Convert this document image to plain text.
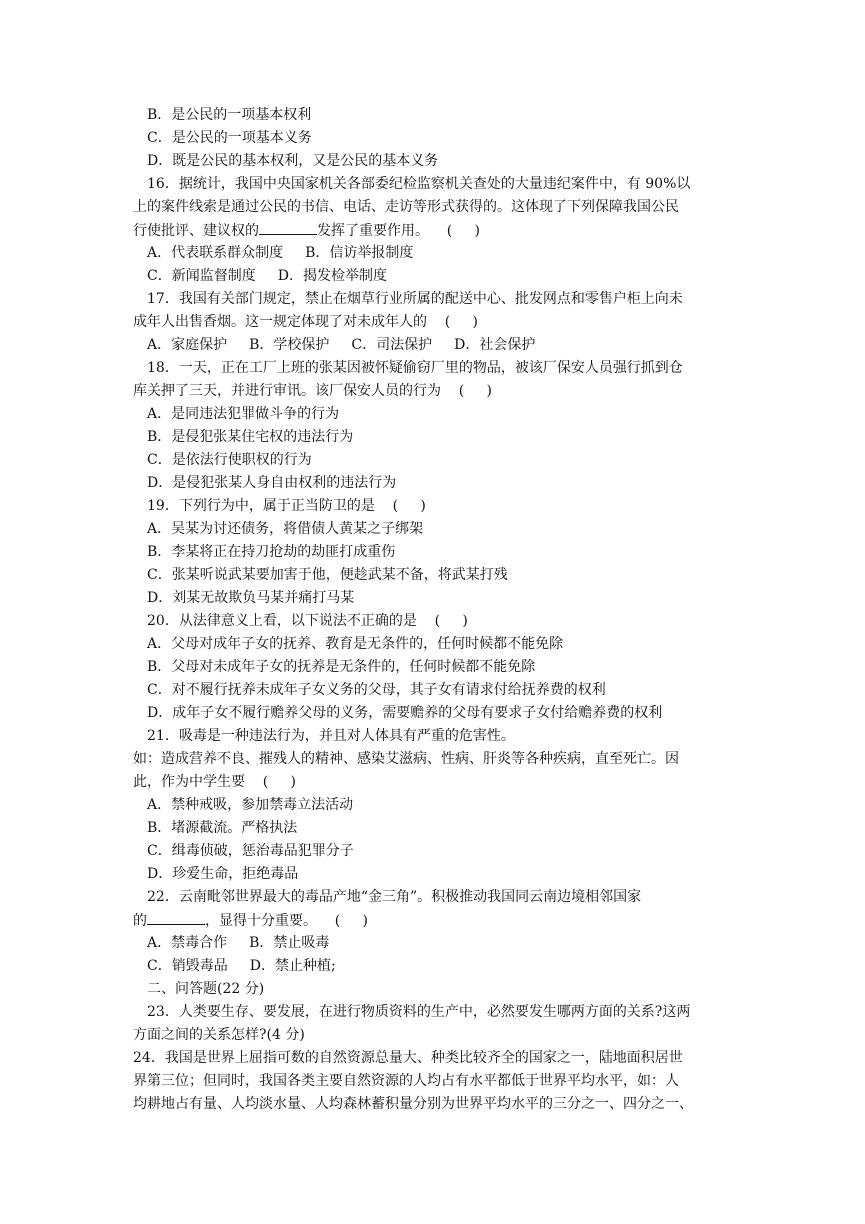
B．是公民的一项基本权利
C．是公民的一项基本义务
D．既是公民的基本权利，又是公民的基本义务
16．据统计，我国中央国家机关各部委纪检监察机关查处的大量违纪案件中，有 90%以
上的案件线索是通过公民的书信、电话、走访等形式获得的。这体现了下列保障我国公民
行使批评、建议权的	发挥了重要作用。    (     )
A．代表联系群众制度 B．信访举报制度
C．新闻监督制度 D．揭发检举制度
17．我国有关部门规定，禁止在烟草行业所属的配送中心、批发网点和零售户柜上向未
成年人出售香烟。这一规定体现了对未成年人的    (     )
A．家庭保护 B．学校保护 C．司法保护 D．社会保护
18．一天，正在工厂上班的张某因被怀疑偷窃厂里的物品，被该厂保安人员强行抓到仓
库关押了三天，并进行审讯。该厂保安人员的行为    (     )
A．是同违法犯罪做斗争的行为
B．是侵犯张某住宅权的违法行为
C．是依法行使职权的行为
D．是侵犯张某人身自由权利的违法行为
19．下列行为中，属于正当防卫的是    (     )
A．吴某为讨还债务，将借债人黄某之子绑架
B．李某将正在持刀抢劫的劫匪打成重伤
C．张某听说武某要加害于他，便趁武某不备，将武某打残
D．刘某无故欺负马某并痛打马某
20．从法律意义上看，以下说法不正确的是    (     )
A．父母对成年子女的抚养、教育是无条件的，任何时候都不能免除
B．父母对未成年子女的抚养是无条件的，任何时候都不能免除
C．对不履行抚养未成年子女义务的父母，其子女有请求付给抚养费的权利
D．成年子女不履行赡养父母的义务，需要赡养的父母有要求子女付给赡养费的权利
21．吸毒是一种违法行为，并且对人体具有严重的危害性。
如：造成营养不良、摧残人的精神、感染艾滋病、性病、肝炎等各种疾病，直至死亡。因
此，作为中学生要    (     )
A．禁种戒吸，参加禁毒立法活动
B．堵源截流。严格执法
C．缉毒侦破，惩治毒品犯罪分子
D．珍爱生命，拒绝毒品
22．云南毗邻世界最大的毒品产地“金三角”。积极推动我国同云南边境相邻国家
的	，显得十分重要。    (     )
A．禁毒合作 B．禁止吸毒
C．销毁毒品 D．禁止种植;
二、问答题(22 分)
23．人类要生存、要发展，在进行物质资料的生产中，必然要发生哪两方面的关系?这两
方面之间的关系怎样?(4 分)
24．我国是世界上屈指可数的自然资源总量大、种类比较齐全的国家之一，陆地面积居世
界第三位；但同时，我国各类主要自然资源的人均占有水平都低于世界平均水平，如：人
均耕地占有量、人均淡水量、人均森林蓄积量分别为世界平均水平的三分之一、四分之一、
